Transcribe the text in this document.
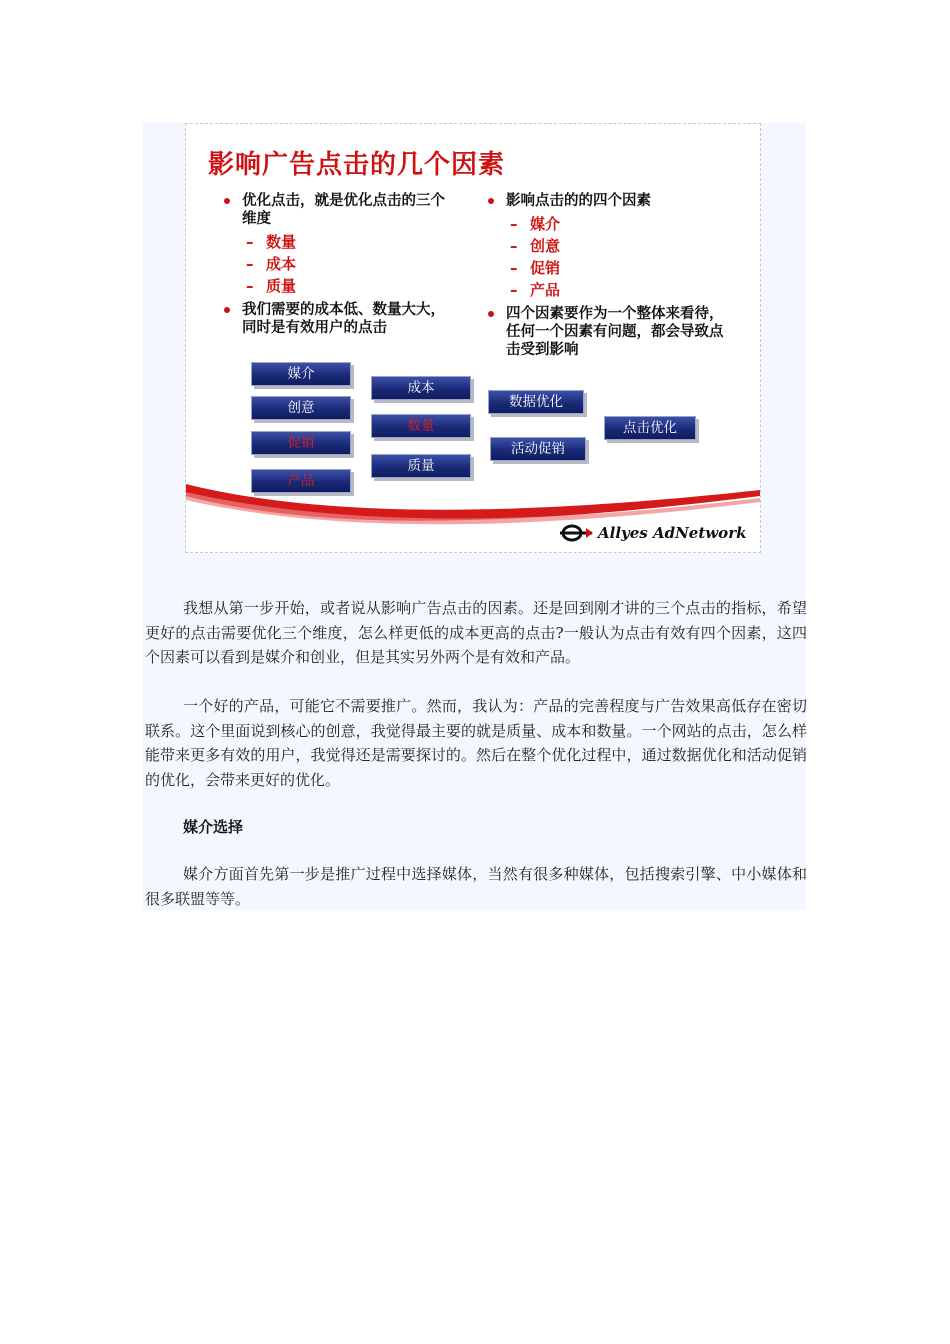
影响广告点击的几个因素
优化点击，就是优化点击的三个维度
– 数量
– 成本
– 质量
我们需要的成本低、数量大大，同时是有效用户的点击
影响点击的的四个因素
– 媒介
– 创意
– 促销
– 产品
四个因素要作为一个整体来看待，任何一个因素有问题，都会导致点击受到影响
媒介
创意
促销
产品
成本
数量
质量
数据优化
活动促销
点击优化
Allyes AdNetwork

我想从第一步开始，或者说从影响广告点击的因素。还是回到刚才讲的三个点击的指标，希望更好的点击需要优化三个维度，怎么样更低的成本更高的点击?一般认为点击有效有四个因素，这四个因素可以看到是媒介和创业，但是其实另外两个是有效和产品。

一个好的产品，可能它不需要推广。然而，我认为：产品的完善程度与广告效果高低存在密切联系。这个里面说到核心的创意，我觉得最主要的就是质量、成本和数量。一个网站的点击，怎么样能带来更多有效的用户，我觉得还是需要探讨的。然后在整个优化过程中，通过数据优化和活动促销的优化，会带来更好的优化。

媒介选择

媒介方面首先第一步是推广过程中选择媒体，当然有很多种媒体，包括搜索引擎、中小媒体和很多联盟等等。
